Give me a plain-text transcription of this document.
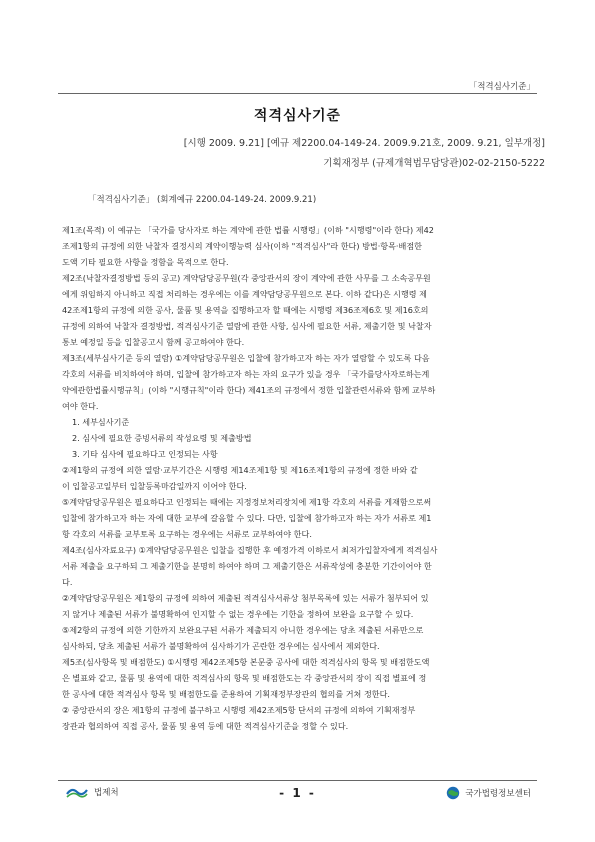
「적격심사기준」
적격심사기준
[시행 2009. 9.21] [예규 제2200.04-149-24. 2009.9.21호, 2009. 9.21, 일부개정]
기획재정부 (규제개혁법무담당관)02-02-2150-5222
「적격심사기준」 (회계예규 2200.04-149-24. 2009.9.21)

제1조(목적) 이 예규는 「국가를 당사자로 하는 계약에 관한 법률 시행령」(이하 "시행령"이라 한다) 제42
조제1항의 규정에 의한 낙찰자 결정시의 계약이행능력 심사(이하 "적격심사"라 한다) 방법·항목·배점한
도액 기타 필요한 사항을 정함을 목적으로 한다.
제2조(낙찰자결정방법 등의 공고) 계약담당공무원(각 중앙관서의 장이 계약에 관한 사무를 그 소속공무원
에게 위임하지 아니하고 직접 처리하는 경우에는 이를 계약담당공무원으로 본다. 이하 같다)은 시행령 제
42조제1항의 규정에 의한 공사, 물품 및 용역을 집행하고자 할 때에는 시행령 제36조제6호 및 제16호의
규정에 의하여 낙찰자 결정방법, 적격심사기준 열람에 관한 사항, 심사에 필요한 서류, 제출기한 및 낙찰자
통보 예정일 등을 입찰공고시 함께 공고하여야 한다.
제3조(세부심사기준 등의 열람) ①계약담당공무원은 입찰에 참가하고자 하는 자가 열람할 수 있도록 다음
각호의 서류를 비치하여야 하며, 입찰에 참가하고자 하는 자의 요구가 있을 경우 「국가를당사자로하는계
약에관한법률시행규칙」(이하 "시행규칙"이라 한다) 제41조의 규정에서 정한 입찰관련서류와 함께 교부하
여야 한다.

1. 세부심사기준
2. 심사에 필요한 증빙서류의 작성요령 및 제출방법
3. 기타 심사에 필요하다고 인정되는 사항

②제1항의 규정에 의한 열람·교부기간은 시행령 제14조제1항 및 제16조제1항의 규정에 정한 바와 같
이 입찰공고일부터 입찰등록마감일까지 이어야 한다.
⑤계약담당공무원은 필요하다고 인정되는 때에는 지정정보처리장치에 제1항 각호의 서류를 게재함으로써
입찰에 참가하고자 하는 자에 대한 교부에 갈음할 수 있다. 다만, 입찰에 참가하고자 하는 자가 서류로 제1
항 각호의 서류를 교부토록 요구하는 경우에는 서류로 교부하여야 한다.
제4조(심사자료요구) ①계약담당공무원은 입찰을 집행한 후 예정가격 이하로서 최저가입찰자에게 적격심사
서류 제출을 요구하되 그 제출기한을 분명히 하여야 하며 그 제출기한은 서류작성에 충분한 기간이어야 한
다.
②계약담당공무원은 제1항의 규정에 의하여 제출된 적격심사서류상 첨부목록에 있는 서류가 첨부되어 있
지 않거나 제출된 서류가 불명확하여 인지할 수 없는 경우에는 기한을 정하여 보완을 요구할 수 있다.
⑤제2항의 규정에 의한 기한까지 보완요구된 서류가 제출되지 아니한 경우에는 당초 제출된 서류만으로
심사하되, 당초 제출된 서류가 불명확하여 심사하기가 곤란한 경우에는 심사에서 제외한다.
제5조(심사항목 및 배점한도) ①시행령 제42조제5항 본문중 공사에 대한 적격심사의 항목 및 배점한도액
은 별표와 같고, 물품 및 용역에 대한 적격심사의 항목 및 배점한도는 각 중앙관서의 장이 직접 별표에 정
한 공사에 대한 적격심사 항목 및 배점한도를 준용하여 기획재정부장관의 협의를 거쳐 정한다.
② 중앙관서의 장은 제1항의 규정에 불구하고 시행령 제42조제5항 단서의 규정에 의하여 기획재정부
장관과 협의하여 직접 공사, 물품 및 용역 등에 대한 적격심사기준을 정할 수 있다.

법제처	- 1 -	국가법령정보센터
